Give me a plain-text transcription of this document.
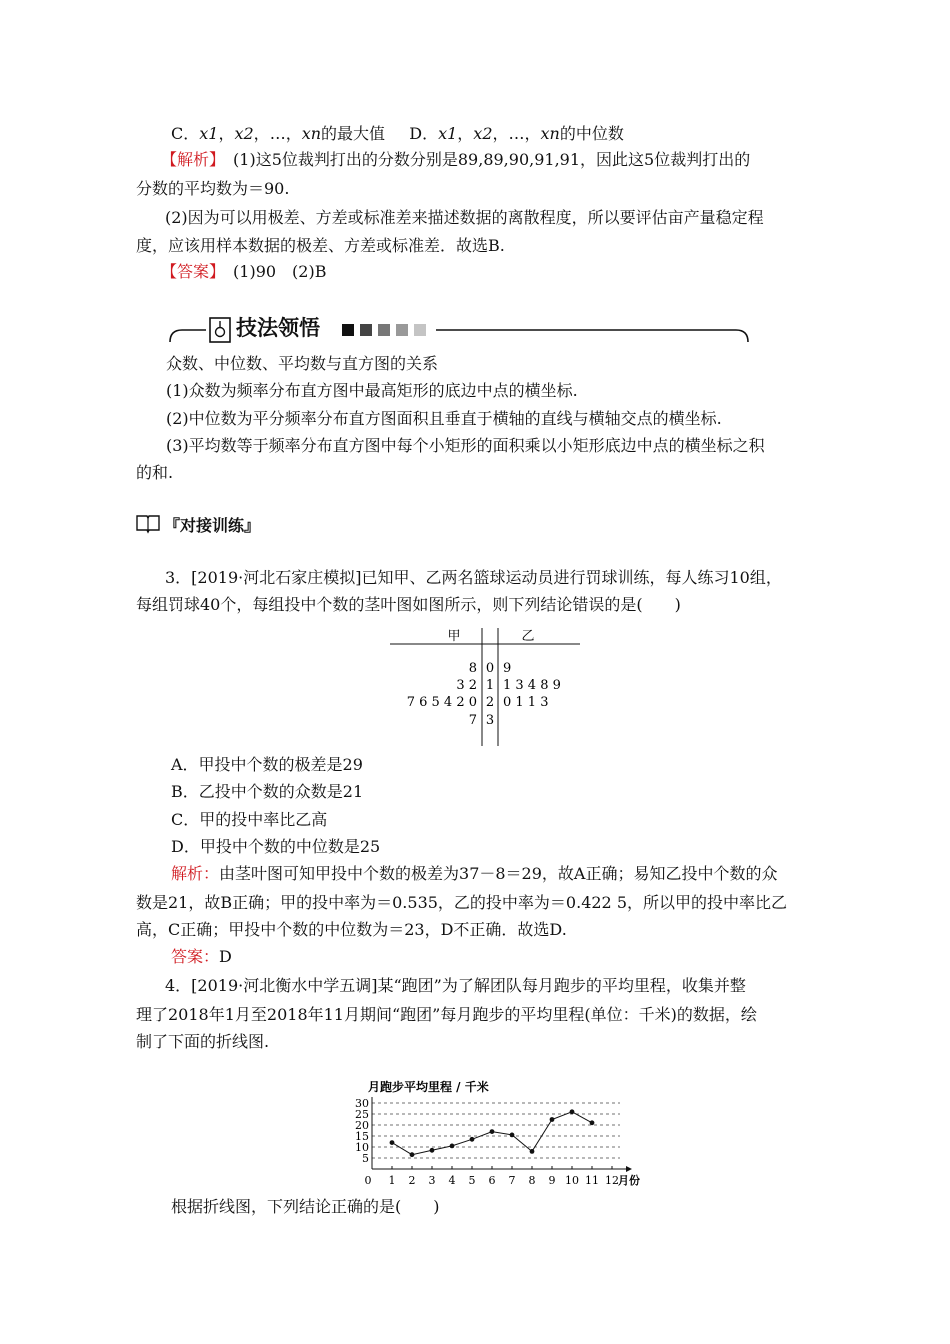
C．x1，x2，…，xn的最大值 D．x1，x2，…，xn的中位数
【解析】　 (1)这5位裁判打出的分数分别是89,89,90,91,91，因此这5位裁判打出的
分数的平均数为＝90.
(2)因为可以用极差、方差或标准差来描述数据的离散程度，所以要评估亩产量稳定程
度，应该用样本数据的极差、方差或标准差．故选B.
【答案】　 (1)90　(2)B
技法领悟
众数、中位数、平均数与直方图的关系
(1)众数为频率分布直方图中最高矩形的底边中点的横坐标.
(2)中位数为平分频率分布直方图面积且垂直于横轴的直线与横轴交点的横坐标.
(3)平均数等于频率分布直方图中每个小矩形的面积乘以小矩形底边中点的横坐标之积
的和.
『对接训练』
3．[2019·河北石家庄模拟]已知甲、乙两名篮球运动员进行罚球训练，每人练习10组，
每组罚球40个，每组投中个数的茎叶图如图所示，则下列结论错误的是(　　)
甲	乙
8 0 9
3 2 1 1 3 4 8 9
7 6 5 4 2 0 2 0 1 1 3
7 3
A．甲投中个数的极差是29
B．乙投中个数的众数是21
C．甲的投中率比乙高
D．甲投中个数的中位数是25
解析：由茎叶图可知甲投中个数的极差为37－8＝29，故A正确；易知乙投中个数的众
数是21，故B正确；甲的投中率为＝0.535，乙的投中率为＝0.422 5，所以甲的投中率比乙
高，C正确；甲投中个数的中位数为＝23，D不正确．故选D.
答案：D
4．[2019·河北衡水中学五调]某“跑团”为了解团队每月跑步的平均里程，收集并整
理了2018年1月至2018年11月期间“跑团”每月跑步的平均里程(单位：千米)的数据，绘
制了下面的折线图.
月跑步平均里程 / 千米
5
10
15
20
25
30
0 1 2 3 4 5 6 7 8 9 10 11 12 月份
根据折线图，下列结论正确的是(　　)
